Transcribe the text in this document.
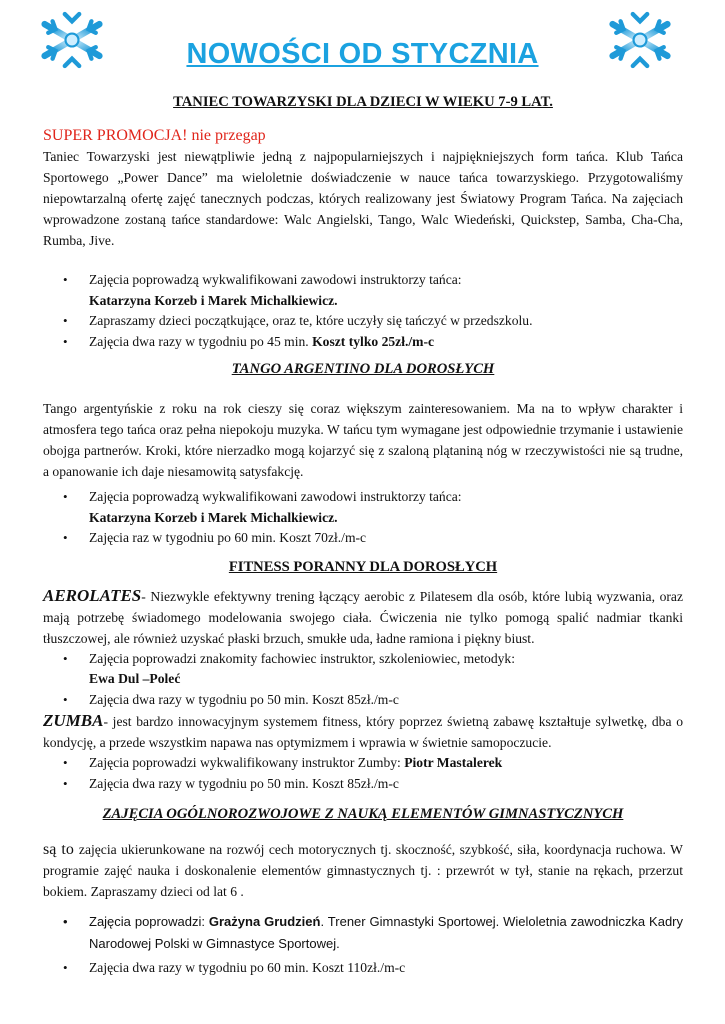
NOWOŚCI OD STYCZNIA
TANIEC TOWARZYSKI DLA DZIECI W WIEKU 7-9 LAT.
SUPER PROMOCJA! nie przegap

Taniec Towarzyski jest niewątpliwie jedną z najpopularniejszych i najpiękniejszych form tańca. Klub Tańca Sportowego „Power Dance” ma wieloletnie doświadczenie w nauce tańca towarzyskiego. Przygotowaliśmy niepowtarzalną ofertę zajęć tanecznych podczas, których realizowany jest Światowy Program Tańca. Na zajęciach wprowadzone zostaną tańce standardowe: Walc Angielski, Tango, Walc Wiedeński, Quickstep, Samba, Cha-Cha, Rumba, Jive.

• Zajęcia poprowadzą wykwalifikowani zawodowi instruktorzy tańca:
Katarzyna Korzeb i Marek Michalkiewicz.
• Zapraszamy dzieci początkujące, oraz te, które uczyły się tańczyć w przedszkolu.
• Zajęcia dwa razy w tygodniu po 45 min. Koszt tylko 25zł./m-c
TANGO ARGENTINO DLA DOROSŁYCH

Tango argentyńskie z roku na rok cieszy się coraz większym zainteresowaniem. Ma na to wpływ charakter i atmosfera tego tańca oraz pełna niepokoju muzyka. W tańcu tym wymagane jest odpowiednie trzymanie i ustawienie obojga partnerów. Kroki, które nierzadko mogą kojarzyć się z szaloną plątaniną nóg w rzeczywistości nie są trudne, a opanowanie ich daje niesamowitą satysfakcję.

• Zajęcia poprowadzą wykwalifikowani zawodowi instruktorzy tańca:
Katarzyna Korzeb i Marek Michalkiewicz.
• Zajęcia raz w tygodniu po 60 min. Koszt 70zł./m-c
FITNESS PORANNY DLA DOROSŁYCH

AEROLATES- Niezwykle efektywny trening łączący aerobic z Pilatesem dla osób, które lubią wyzwania, oraz mają potrzebę świadomego modelowania swojego ciała. Ćwiczenia nie tylko pomogą spalić nadmiar tkanki tłuszczowej, ale również uzyskać płaski brzuch, smukłe uda, ładne ramiona i piękny biust.

• Zajęcia poprowadzi znakomity fachowiec instruktor, szkoleniowiec, metodyk:
Ewa Dul –Poleć
• Zajęcia dwa razy w tygodniu po 50 min. Koszt 85zł./m-c

ZUMBA- jest bardzo innowacyjnym systemem fitness, który poprzez świetną zabawę kształtuje sylwetkę, dba o kondycję, a przede wszystkim napawa nas optymizmem i wprawia w świetnie samopoczucie.

• Zajęcia poprowadzi wykwalifikowany instruktor Zumby: Piotr Mastalerek
• Zajęcia dwa razy w tygodniu po 50 min. Koszt 85zł./m-c
ZAJĘCIA OGÓLNOROZWOJOWE Z NAUKĄ ELEMENTÓW GIMNASTYCZNYCH

są to zajęcia ukierunkowane na rozwój cech motorycznych tj. skoczność, szybkość, siła, koordynacja ruchowa. W programie zajęć nauka i doskonalenie elementów gimnastycznych tj. : przewrót w tył, stanie na rękach, przerzut bokiem. Zapraszamy dzieci od lat 6 .

• Zajęcia poprowadzi: Grażyna Grudzień. Trener Gimnastyki Sportowej. Wieloletnia zawodniczka Kadry Narodowej Polski w Gimnastyce Sportowej.
• Zajęcia dwa razy w tygodniu po 60 min. Koszt 110zł./m-c
